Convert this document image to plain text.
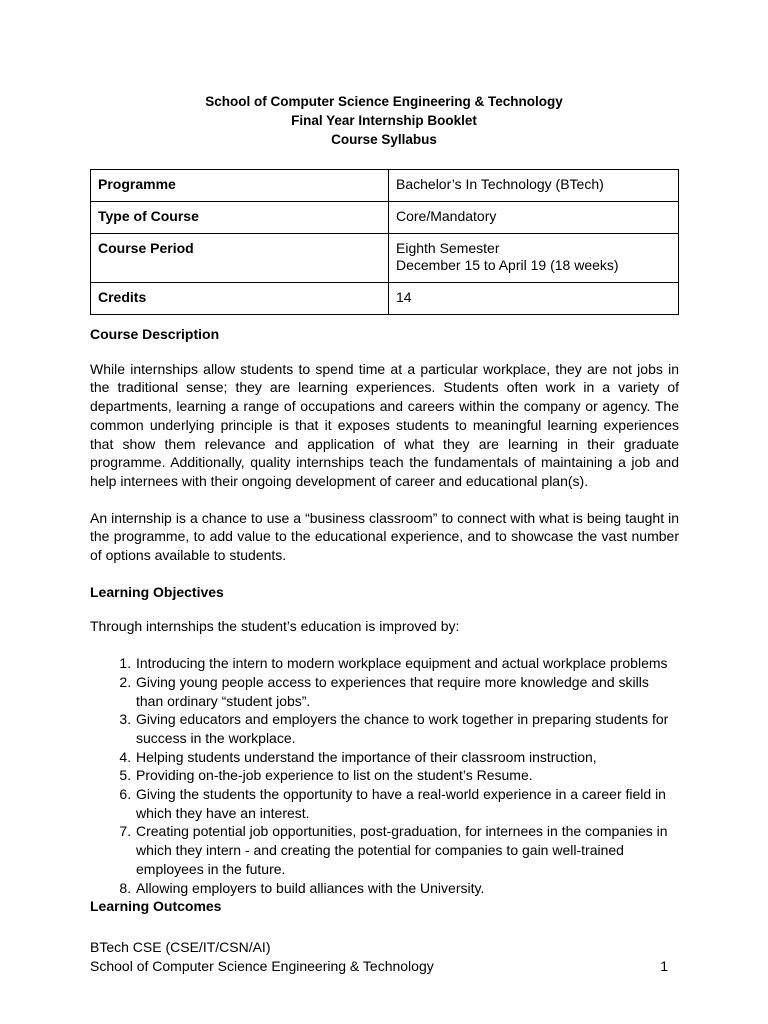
School of Computer Science Engineering & Technology
Final Year Internship Booklet
Course Syllabus
Programme	Bachelor’s In Technology (BTech)
Type of Course	Core/Mandatory
Course Period	Eighth Semester
December 15 to April 19 (18 weeks)

Credits	14
Course Description
While internships allow students to spend time at a particular workplace, they are not jobs in the traditional sense; they are learning experiences. Students often work in a variety of departments, learning a range of occupations and careers within the company or agency. The common underlying principle is that it exposes students to meaningful learning experiences that show them relevance and application of what they are learning in their graduate programme. Additionally, quality internships teach the fundamentals of maintaining a job and help internees with their ongoing development of career and educational plan(s).
An internship is a chance to use a “business classroom” to connect with what is being taught in the programme, to add value to the educational experience, and to showcase the vast number of options available to students.
Learning Objectives
Through internships the student’s education is improved by:
1. Introducing the intern to modern workplace equipment and actual workplace problems
2. Giving young people access to experiences that require more knowledge and skills than ordinary “student jobs”.
3. Giving educators and employers the chance to work together in preparing students for success in the workplace.
4. Helping students understand the importance of their classroom instruction,
5. Providing on-the-job experience to list on the student’s Resume.
6. Giving the students the opportunity to have a real-world experience in a career field in which they have an interest.
7. Creating potential job opportunities, post-graduation, for internees in the companies in which they intern - and creating the potential for companies to gain well-trained employees in the future.
8. Allowing employers to build alliances with the University.
Learning Outcomes
BTech CSE (CSE/IT/CSN/AI)
School of Computer Science Engineering & Technology	1
